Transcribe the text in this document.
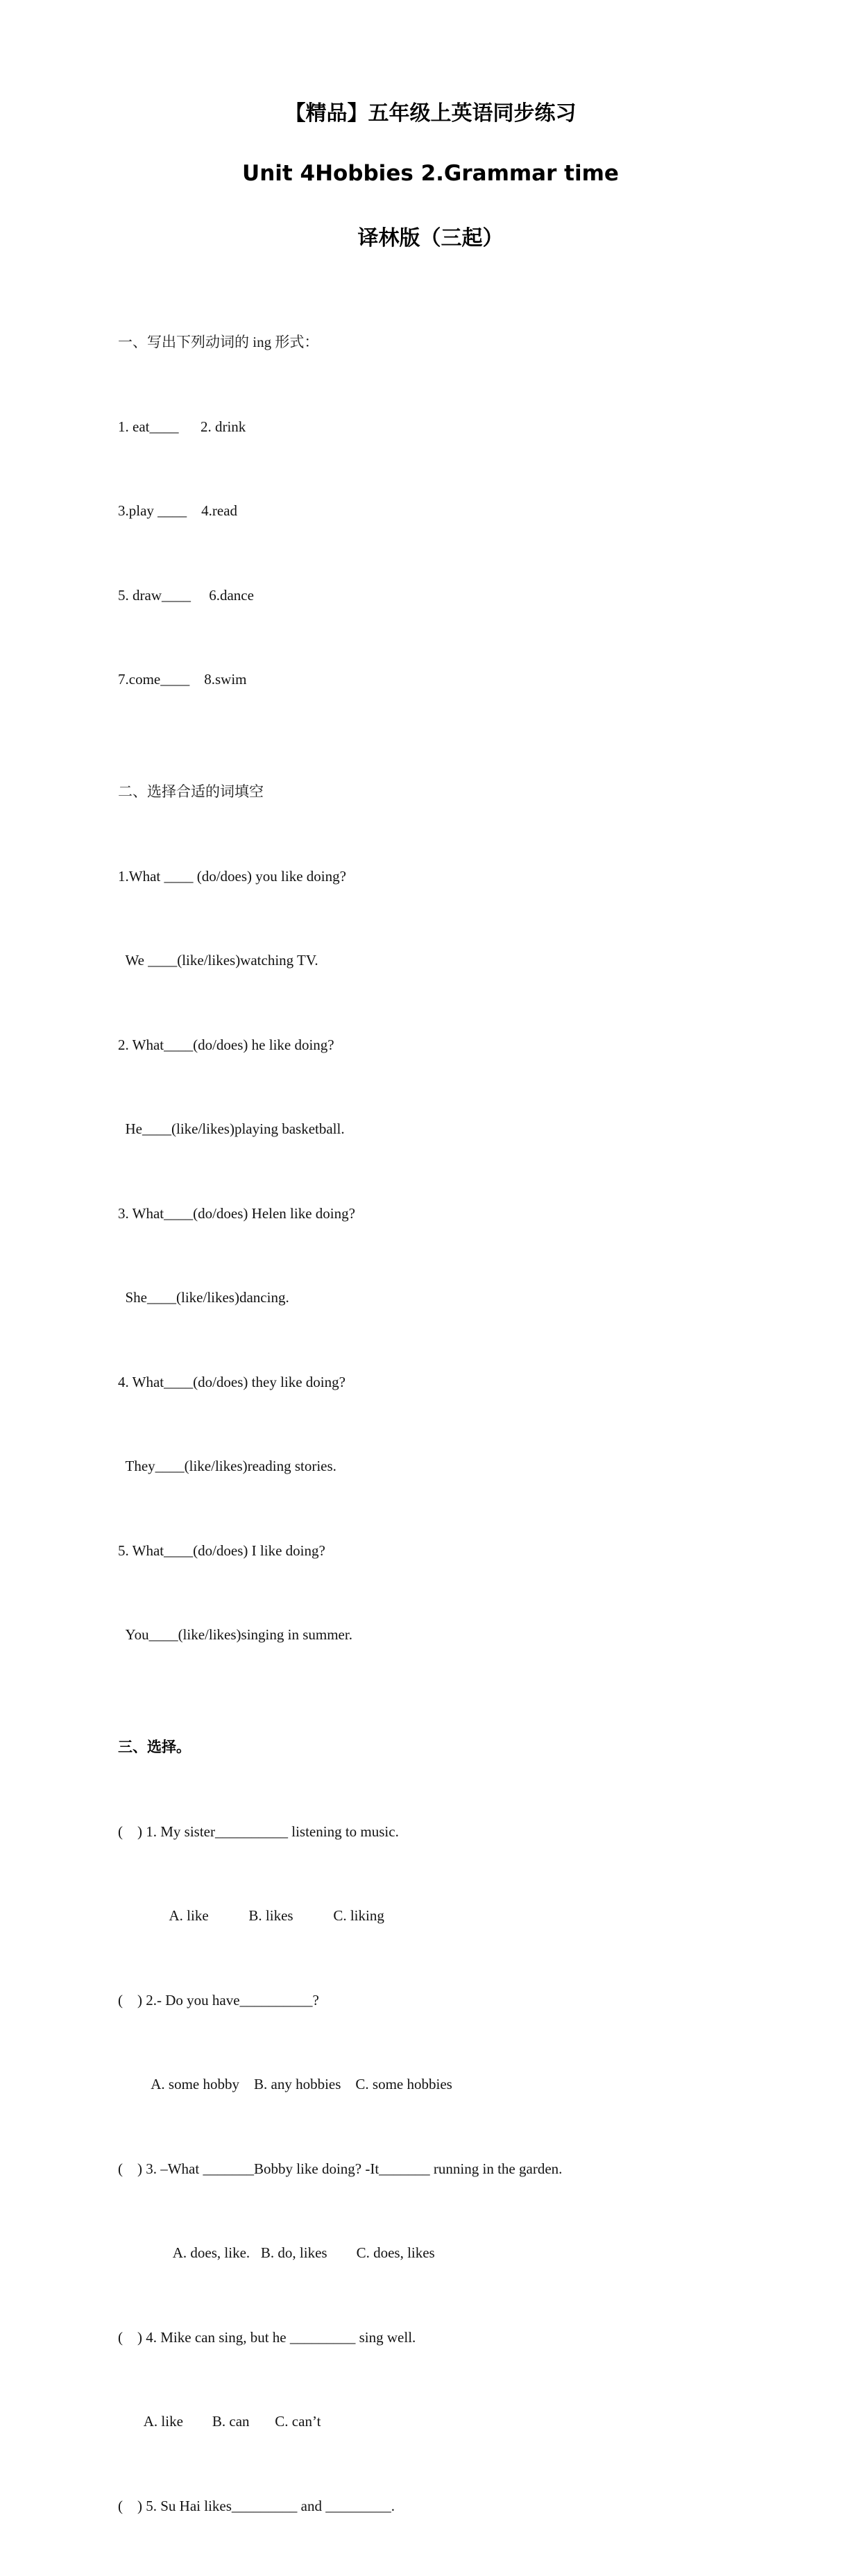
【精品】五年级上英语同步练习
Unit 4Hobbies 2.Grammar time
译林版（三起）

一、写出下列动词的 ing 形式：

1. eat____      2. drink

3.play ____    4.read

5. draw____     6.dance

7.come____    8.swim

二、选择合适的词填空

1.What ____ (do/does) you like doing?

We ____(like/likes)watching TV.

2. What____(do/does) he like doing?

He____(like/likes)playing basketball.

3. What____(do/does) Helen like doing?

She____(like/likes)dancing.

4. What____(do/does) they like doing?

They____(like/likes)reading stories.

5. What____(do/does) I like doing?

You____(like/likes)singing in summer.

三、选择。

(    ) 1. My sister__________ listening to music.

A. like           B. likes           C. liking

(    ) 2.- Do you have__________?

A. some hobby    B. any hobbies    C. some hobbies

(    ) 3. –What _______Bobby like doing? -It_______ running in the garden.

A. does, like.   B. do, likes        C. does, likes

(    ) 4. Mike can sing, but he _________ sing well.

A. like        B. can       C. can’t

(    ) 5. Su Hai likes_________ and _________.
